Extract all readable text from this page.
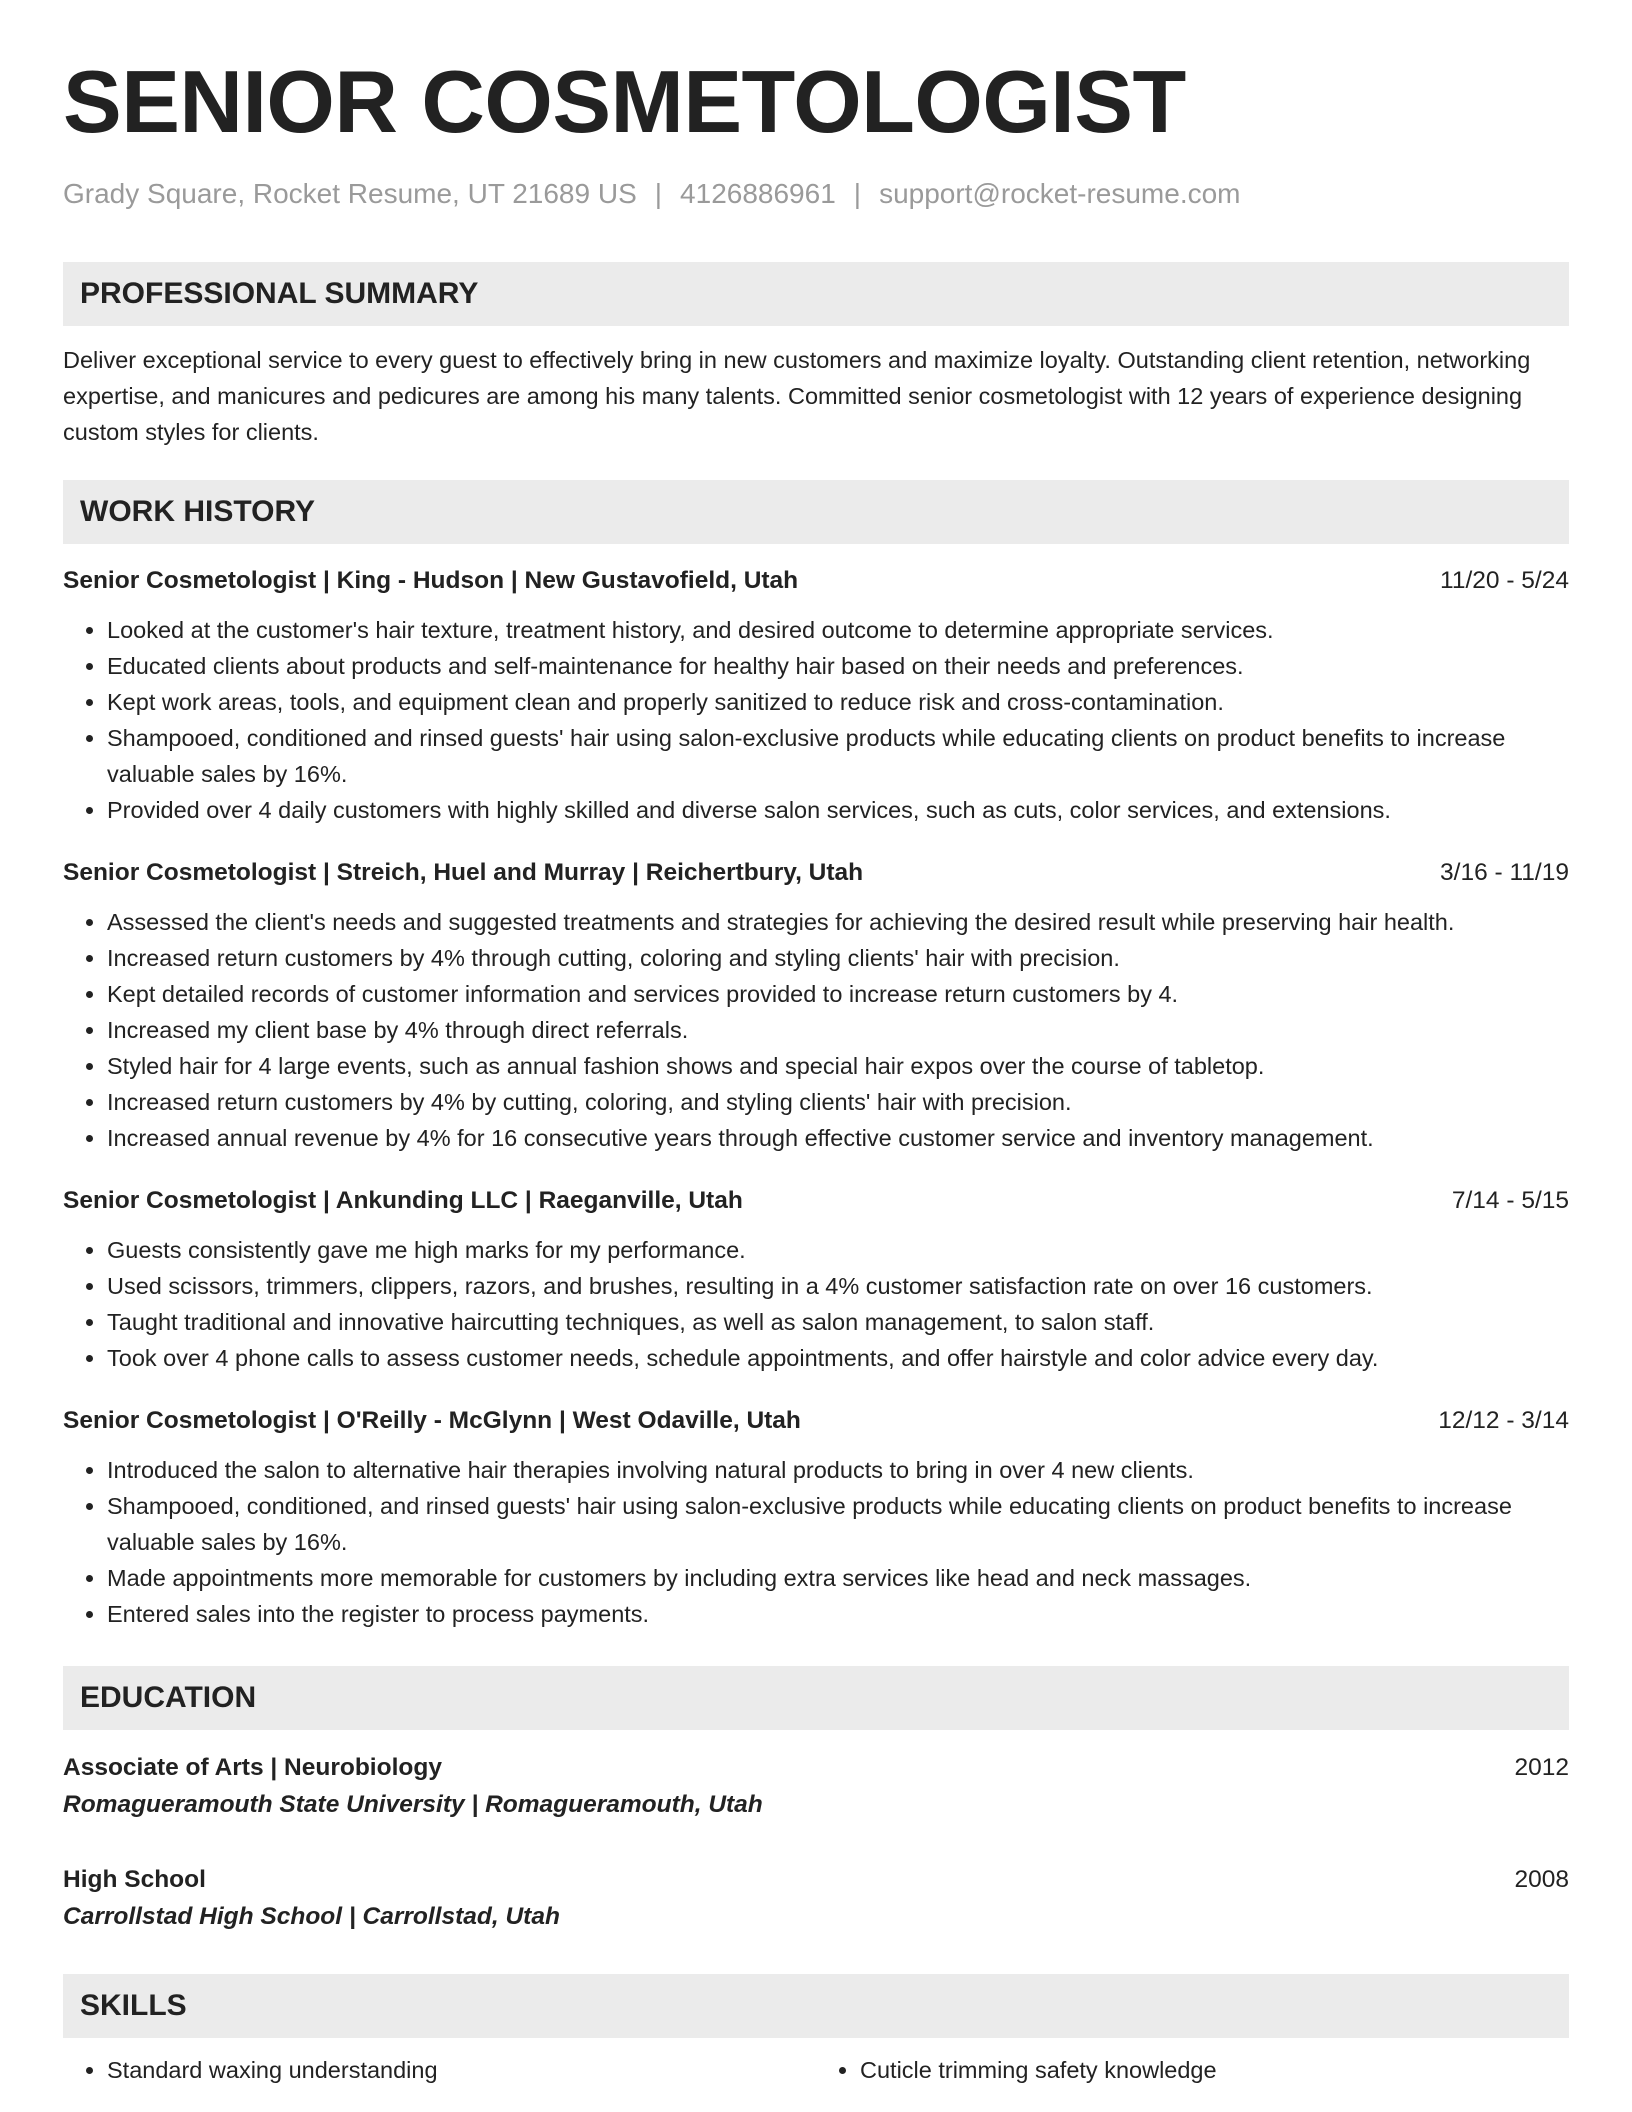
SENIOR COSMETOLOGIST
Grady Square, Rocket Resume, UT 21689 US | 4126886961 | support@rocket-resume.com
PROFESSIONAL SUMMARY

Deliver exceptional service to every guest to effectively bring in new customers and maximize loyalty. Outstanding client retention, networking expertise, and manicures and pedicures are among his many talents. Committed senior cosmetologist with 12 years of experience designing custom styles for clients.

WORK HISTORY
Senior Cosmetologist | King - Hudson | New Gustavofield, Utah	11/20 - 5/24
• Looked at the customer's hair texture, treatment history, and desired outcome to determine appropriate services.
• Educated clients about products and self-maintenance for healthy hair based on their needs and preferences.
• Kept work areas, tools, and equipment clean and properly sanitized to reduce risk and cross-contamination.
• Shampooed, conditioned and rinsed guests' hair using salon-exclusive products while educating clients on product benefits to increase valuable sales by 16%.
• Provided over 4 daily customers with highly skilled and diverse salon services, such as cuts, color services, and extensions.
Senior Cosmetologist | Streich, Huel and Murray | Reichertbury, Utah	3/16 - 11/19
• Assessed the client's needs and suggested treatments and strategies for achieving the desired result while preserving hair health.
• Increased return customers by 4% through cutting, coloring and styling clients' hair with precision.
• Kept detailed records of customer information and services provided to increase return customers by 4.
• Increased my client base by 4% through direct referrals.
• Styled hair for 4 large events, such as annual fashion shows and special hair expos over the course of tabletop.
• Increased return customers by 4% by cutting, coloring, and styling clients' hair with precision.
• Increased annual revenue by 4% for 16 consecutive years through effective customer service and inventory management.
Senior Cosmetologist | Ankunding LLC | Raeganville, Utah	7/14 - 5/15
• Guests consistently gave me high marks for my performance.
• Used scissors, trimmers, clippers, razors, and brushes, resulting in a 4% customer satisfaction rate on over 16 customers.
• Taught traditional and innovative haircutting techniques, as well as salon management, to salon staff.
• Took over 4 phone calls to assess customer needs, schedule appointments, and offer hairstyle and color advice every day.
Senior Cosmetologist | O'Reilly - McGlynn | West Odaville, Utah	12/12 - 3/14
• Introduced the salon to alternative hair therapies involving natural products to bring in over 4 new clients.
• Shampooed, conditioned, and rinsed guests' hair using salon-exclusive products while educating clients on product benefits to increase valuable sales by 16%.
• Made appointments more memorable for customers by including extra services like head and neck massages.
• Entered sales into the register to process payments.
EDUCATION
Associate of Arts | Neurobiology	2012
Romagueramouth State University | Romagueramouth, Utah
High School	2008
Carrollstad High School | Carrollstad, Utah
SKILLS
• Standard waxing understanding
•	Cuticle trimming safety knowledge
